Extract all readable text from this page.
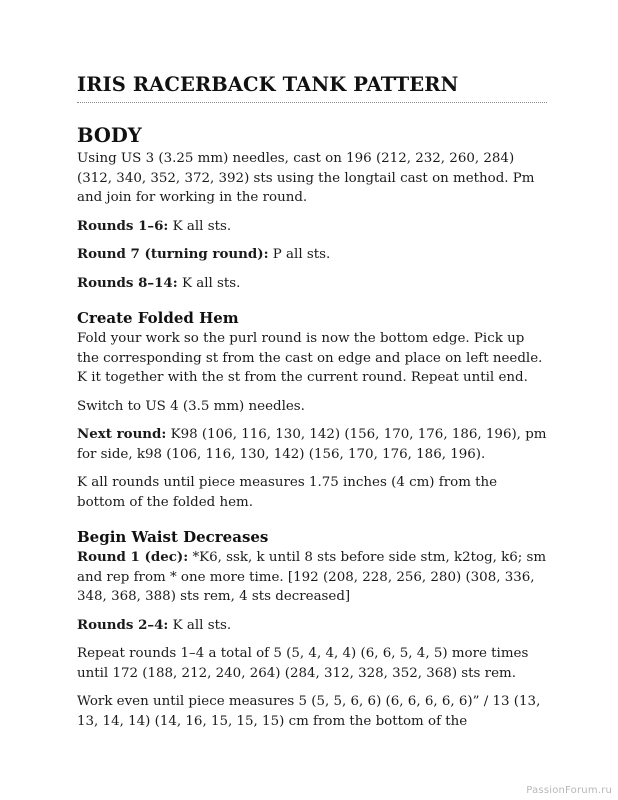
IRIS RACERBACK TANK PATTERN
BODY

Using US 3 (3.25 mm) needles, cast on 196 (212, 232, 260, 284) (312, 340, 352, 372, 392) sts using the longtail cast on method. Pm and join for working in the round.

Rounds 1–6: K all sts.

Round 7 (turning round): P all sts.

Rounds 8–14: K all sts.

Create Folded Hem

Fold your work so the purl round is now the bottom edge. Pick up the corresponding st from the cast on edge and place on left needle. K it together with the st from the current round. Repeat until end.

Switch to US 4 (3.5 mm) needles.

Next round: K98 (106, 116, 130, 142) (156, 170, 176, 186, 196), pm for side, k98 (106, 116, 130, 142) (156, 170, 176, 186, 196).

K all rounds until piece measures 1.75 inches (4 cm) from the bottom of the folded hem.

Begin Waist Decreases

Round 1 (dec): *K6, ssk, k until 8 sts before side stm, k2tog, k6; sm and rep from * one more time. [192 (208, 228, 256, 280) (308, 336, 348, 368, 388) sts rem, 4 sts decreased]

Rounds 2–4: K all sts.

Repeat rounds 1–4 a total of 5 (5, 4, 4, 4) (6, 6, 5, 4, 5) more times until 172 (188, 212, 240, 264) (284, 312, 328, 352, 368) sts rem.

Work even until piece measures 5 (5, 5, 6, 6) (6, 6, 6, 6, 6)” / 13 (13, 13, 14, 14) (14, 16, 15, 15, 15) cm from the bottom of the

PassionForum.ru
